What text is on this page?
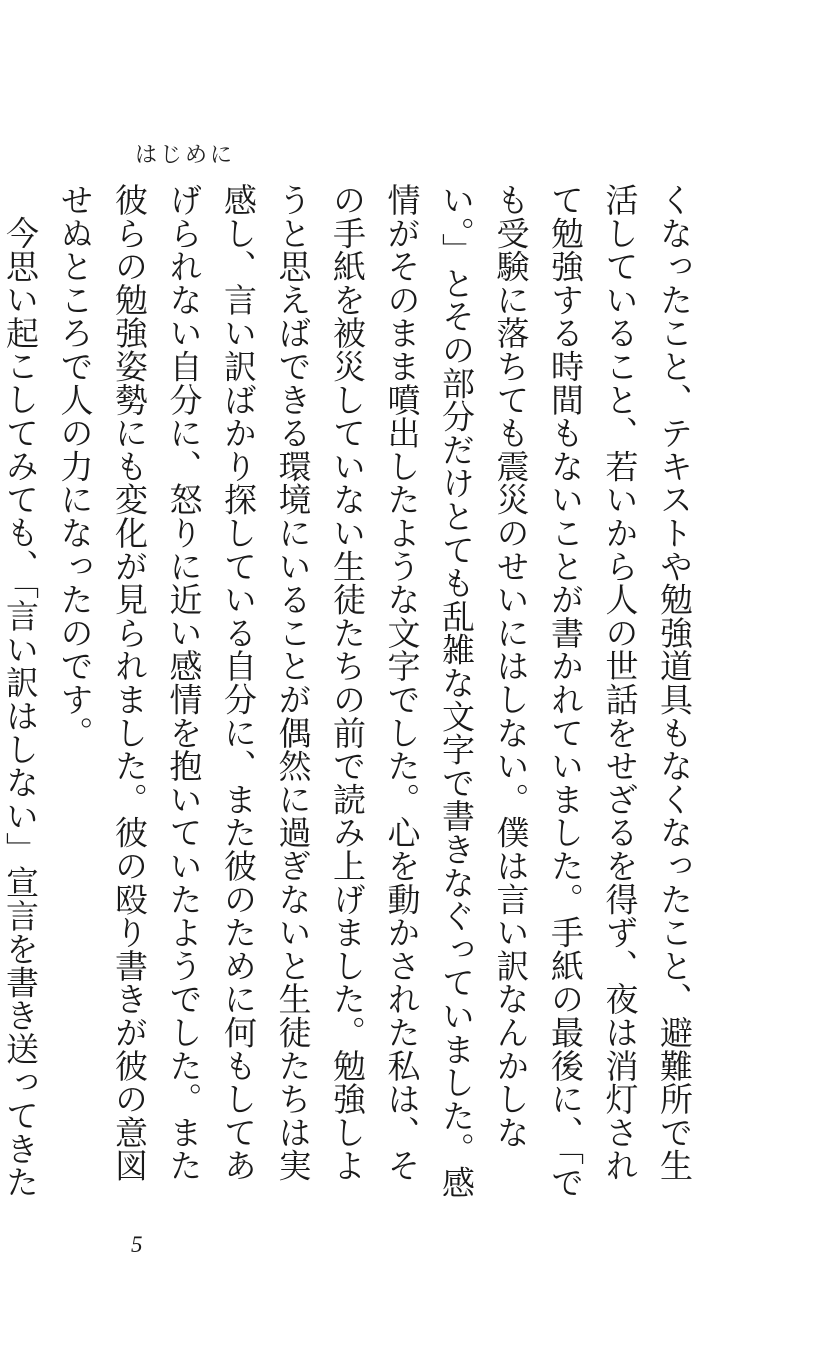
はじめに

くなったこと、テキストや勉強道具もなくなったこと、避難所で生活していること、若いから人の世話をせざるを得ず、夜は消灯されて勉強する時間もないことが書かれていました。手紙の最後に、「でも受験に落ちても震災のせいにはしない。僕は言い訳なんかしない。」とその部分だけとても乱雑な文字で書きなぐっていました。感情がそのまま噴出したような文字でした。心を動かされた私は、その手紙を被災していない生徒たちの前で読み上げました。勉強しようと思えばできる環境にいることが偶然に過ぎないと生徒たちは実感し、言い訳ばかり探している自分に、また彼のために何もしてあげられない自分に、怒りに近い感情を抱いていたようでした。また彼らの勉強姿勢にも変化が見られました。彼の殴り書きが彼の意図せぬところで人の力になったのです。

今思い起こしてみても、「言い訳はしない」宣言を書き送ってきた

5
